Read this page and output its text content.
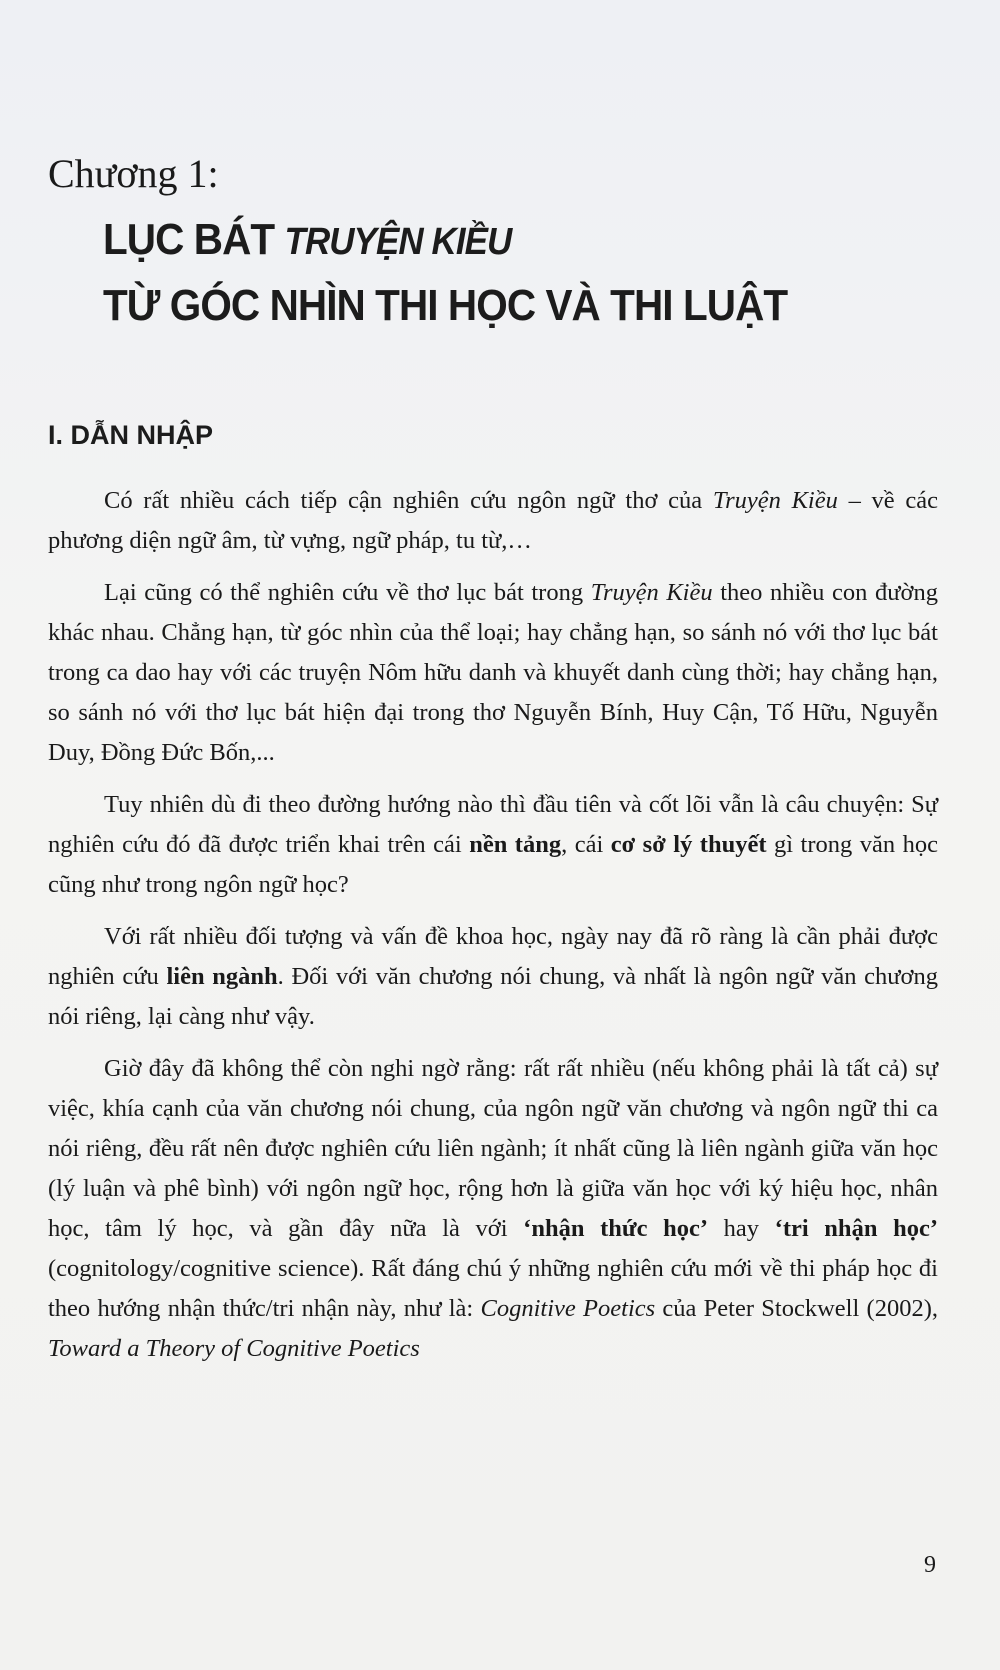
Chương 1:
LỤC BÁT TRUYỆN KIỀU
TỪ GÓC NHÌN THI HỌC VÀ THI LUẬT
I. DẪN NHẬP

Có rất nhiều cách tiếp cận nghiên cứu ngôn ngữ thơ của Truyện Kiều – về các phương diện ngữ âm, từ vựng, ngữ pháp, tu từ,…

Lại cũng có thể nghiên cứu về thơ lục bát trong Truyện Kiều theo nhiều con đường khác nhau. Chẳng hạn, từ góc nhìn của thể loại; hay chẳng hạn, so sánh nó với thơ lục bát trong ca dao hay với các truyện Nôm hữu danh và khuyết danh cùng thời; hay chẳng hạn, so sánh nó với thơ lục bát hiện đại trong thơ Nguyễn Bính, Huy Cận, Tố Hữu, Nguyễn Duy, Đồng Đức Bốn,...

Tuy nhiên dù đi theo đường hướng nào thì đầu tiên và cốt lõi vẫn là câu chuyện: Sự nghiên cứu đó đã được triển khai trên cái nền tảng, cái cơ sở lý thuyết gì trong văn học cũng như trong ngôn ngữ học?

Với rất nhiều đối tượng và vấn đề khoa học, ngày nay đã rõ ràng là cần phải được nghiên cứu liên ngành. Đối với văn chương nói chung, và nhất là ngôn ngữ văn chương nói riêng, lại càng như vậy.

Giờ đây đã không thể còn nghi ngờ rằng: rất rất nhiều (nếu không phải là tất cả) sự việc, khía cạnh của văn chương nói chung, của ngôn ngữ văn chương và ngôn ngữ thi ca nói riêng, đều rất nên được nghiên cứu liên ngành; ít nhất cũng là liên ngành giữa văn học (lý luận và phê bình) với ngôn ngữ học, rộng hơn là giữa văn học với ký hiệu học, nhân học, tâm lý học, và gần đây nữa là với ‘nhận thức học’ hay ‘tri nhận học’ (cognitology/cognitive science). Rất đáng chú ý những nghiên cứu mới về thi pháp học đi theo hướng nhận thức/tri nhận này, như là: Cognitive Poetics của Peter Stockwell (2002), Toward a Theory of Cognitive Poetics

9
